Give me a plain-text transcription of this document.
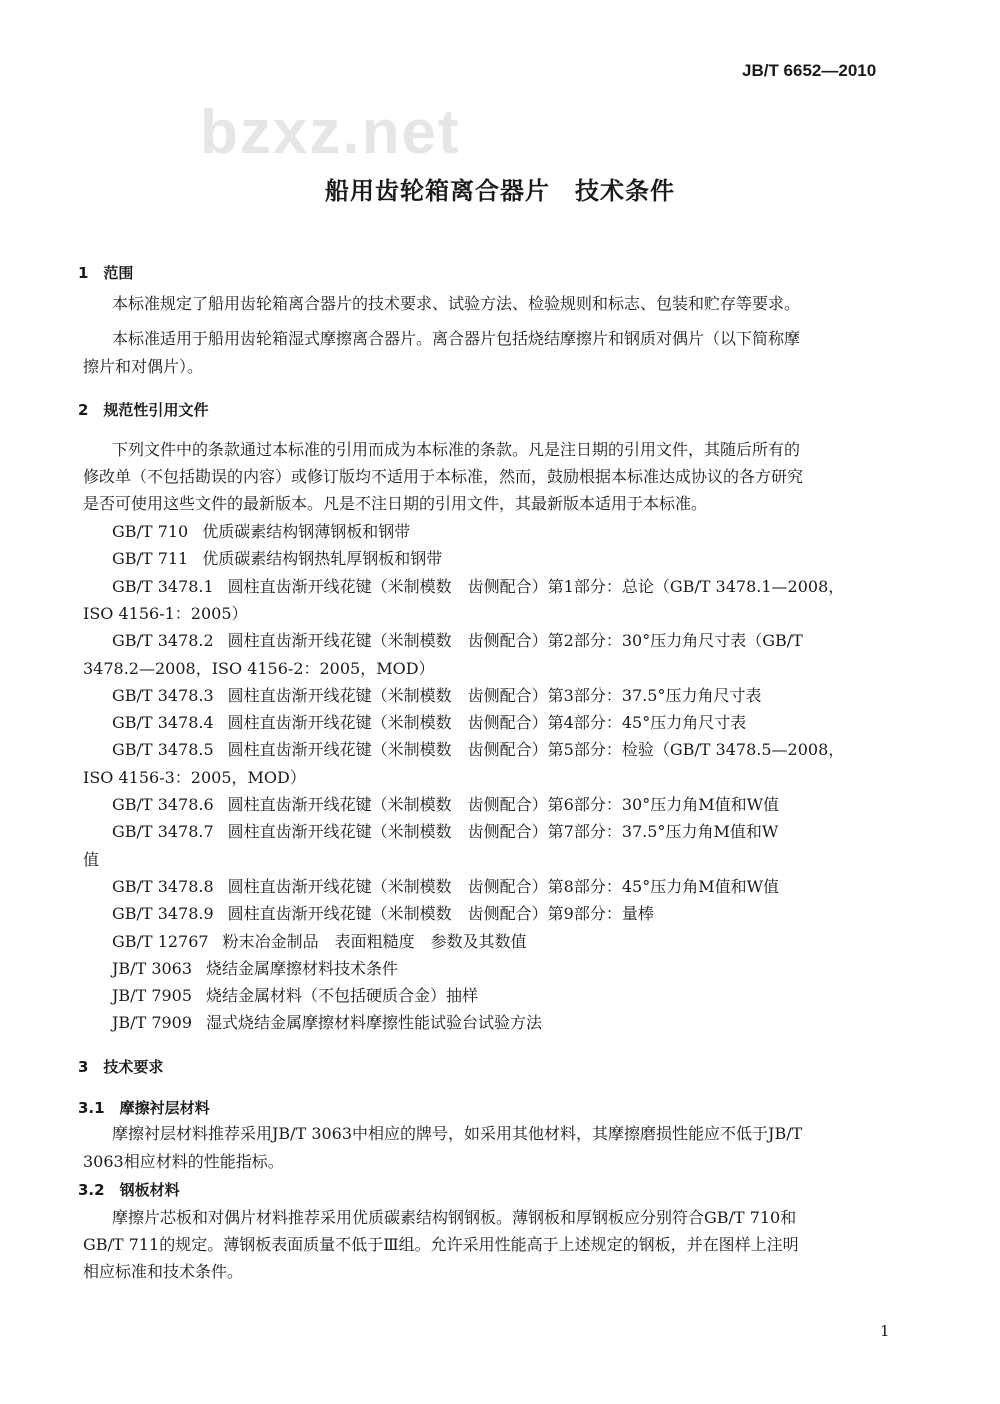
bzxz.net
JB/T 6652—2010
船用齿轮箱离合器片　技术条件
1　范围
本标准规定了船用齿轮箱离合器片的技术要求、试验方法、检验规则和标志、包装和贮存等要求。
本标准适用于船用齿轮箱湿式摩擦离合器片。离合器片包括烧结摩擦片和钢质对偶片（以下简称摩
擦片和对偶片）。
2　规范性引用文件
下列文件中的条款通过本标准的引用而成为本标准的条款。凡是注日期的引用文件，其随后所有的
修改单（不包括勘误的内容）或修订版均不适用于本标准，然而，鼓励根据本标准达成协议的各方研究
是否可使用这些文件的最新版本。凡是不注日期的引用文件，其最新版本适用于本标准。
GB/T 710 优质碳素结构钢薄钢板和钢带
GB/T 711 优质碳素结构钢热轧厚钢板和钢带
GB/T 3478.1 圆柱直齿渐开线花键（米制模数　齿侧配合）第1部分：总论（GB/T 3478.1—2008，
ISO 4156-1：2005）
GB/T 3478.2 圆柱直齿渐开线花键（米制模数　齿侧配合）第2部分：30°压力角尺寸表（GB/T
3478.2—2008，ISO 4156-2：2005，MOD）
GB/T 3478.3 圆柱直齿渐开线花键（米制模数　齿侧配合）第3部分：37.5°压力角尺寸表
GB/T 3478.4 圆柱直齿渐开线花键（米制模数　齿侧配合）第4部分：45°压力角尺寸表
GB/T 3478.5 圆柱直齿渐开线花键（米制模数　齿侧配合）第5部分：检验（GB/T 3478.5—2008，
ISO 4156-3：2005，MOD）
GB/T 3478.6 圆柱直齿渐开线花键（米制模数　齿侧配合）第6部分：30°压力角M值和W值
GB/T 3478.7 圆柱直齿渐开线花键（米制模数　齿侧配合）第7部分：37.5°压力角M值和W
值
GB/T 3478.8 圆柱直齿渐开线花键（米制模数　齿侧配合）第8部分：45°压力角M值和W值
GB/T 3478.9 圆柱直齿渐开线花键（米制模数　齿侧配合）第9部分：量棒
GB/T 12767 粉末冶金制品　表面粗糙度　参数及其数值
JB/T 3063 烧结金属摩擦材料技术条件
JB/T 7905 烧结金属材料（不包括硬质合金）抽样
JB/T 7909 湿式烧结金属摩擦材料摩擦性能试验台试验方法
3　技术要求
3.1　摩擦衬层材料
摩擦衬层材料推荐采用JB/T 3063中相应的牌号，如采用其他材料，其摩擦磨损性能应不低于JB/T
3063相应材料的性能指标。
3.2　钢板材料
摩擦片芯板和对偶片材料推荐采用优质碳素结构钢钢板。薄钢板和厚钢板应分别符合GB/T 710和
GB/T 711的规定。薄钢板表面质量不低于Ⅲ组。允许采用性能高于上述规定的钢板，并在图样上注明
相应标准和技术条件。
1
